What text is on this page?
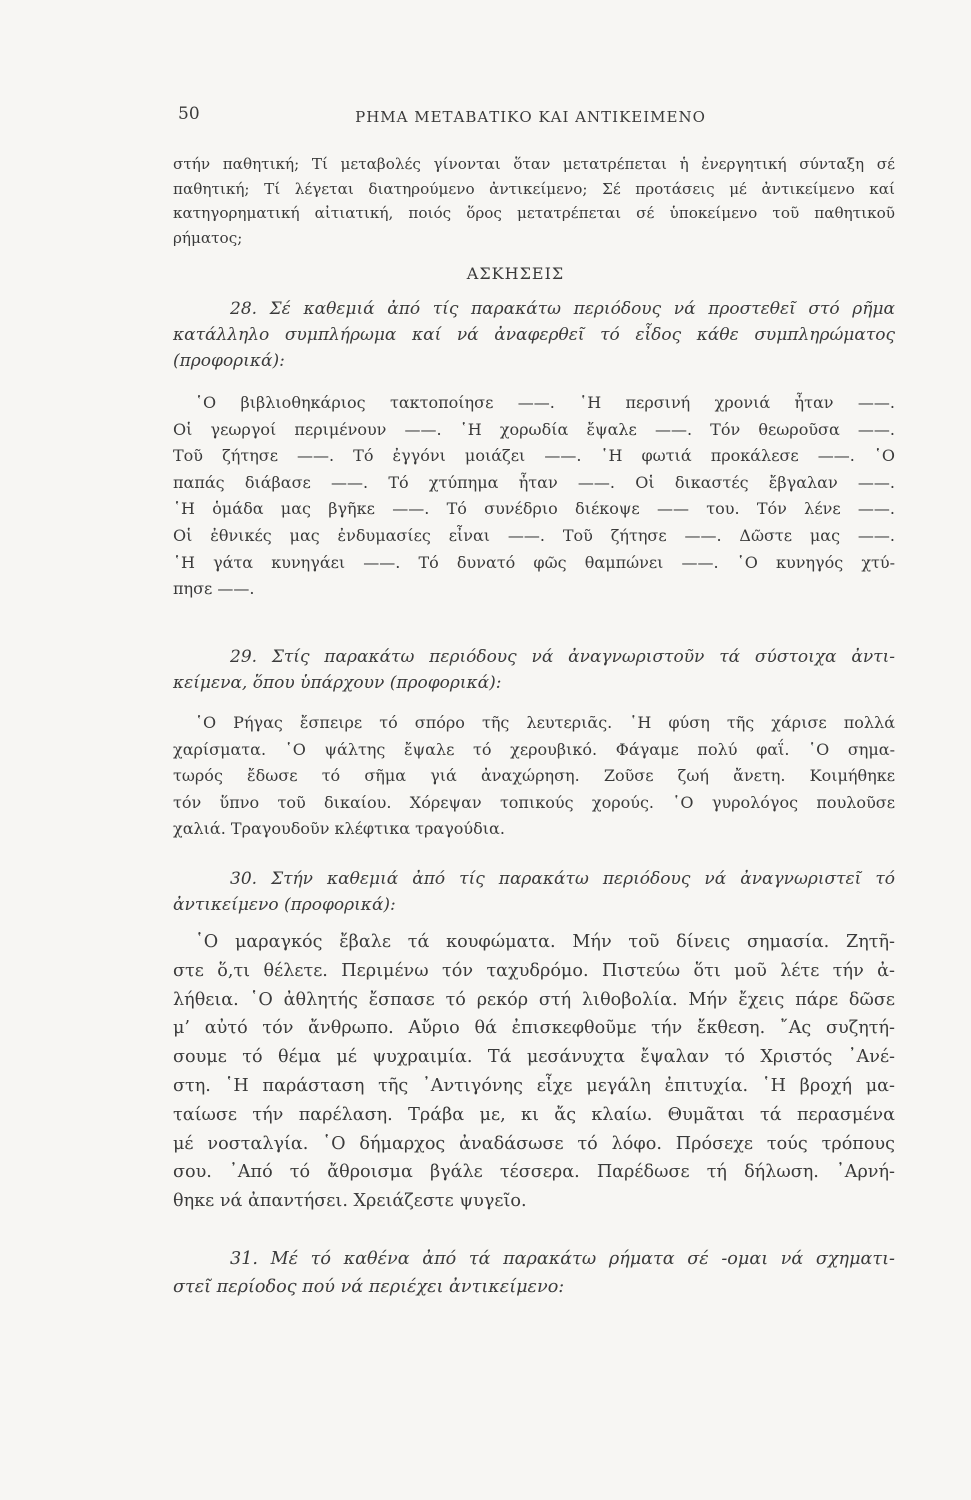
50	ΡΗΜΑ ΜΕΤΑΒΑΤΙΚΟ ΚΑΙ ΑΝΤΙΚΕΙΜΕΝΟ
στήν παθητική; Τί μεταβολές γίνονται ὅταν μετατρέπεται ἡ ἐνεργητική σύνταξη σέ
παθητική; Τί λέγεται διατηρούμενο ἀντικείμενο; Σέ προτάσεις μέ ἀντικείμενο καί
κατηγορηματική αἰτιατική, ποιός ὅρος μετατρέπεται σέ ὑποκείμενο τοῦ παθητικοῦ
ρήματος;
ΑΣΚΗΣΕΙΣ
28. Σέ καθεμιά ἀπό τίς παρακάτω περιόδους νά προστεθεῖ στό ρῆμα
κατάλληλο συμπλήρωμα καί νά ἀναφερθεῖ τό εἶδος κάθε συμπληρώματος
(προφορικά):
῾Ο βιβλιοθηκάριος τακτοποίησε ——. ῾Η περσινή χρονιά ἦταν ——.
Οἱ γεωργοί περιμένουν ——. ῾Η χορωδία ἔψαλε ——. Τόν θεωροῦσα ——.
Τοῦ ζήτησε ——. Τό ἐγγόνι μοιάζει ——. ῾Η φωτιά προκάλεσε ——. ῾Ο
παπάς διάβασε ——. Τό χτύπημα ἦταν ——. Οἱ δικαστές ἔβγαλαν ——.
῾Η ὁμάδα μας βγῆκε ——. Τό συνέδριο διέκοψε —— του. Τόν λένε ——.
Οἱ ἐθνικές μας ἐνδυμασίες εἶναι ——. Τοῦ ζήτησε ——. Δῶστε μας ——.
῾Η γάτα κυνηγάει ——. Τό δυνατό φῶς θαμπώνει ——. ῾Ο κυνηγός χτύ-
πησε ——.
29. Στίς παρακάτω περιόδους νά ἀναγνωριστοῦν τά σύστοιχα ἀντι-
κείμενα, ὅπου ὑπάρχουν (προφορικά):
῾Ο Ρήγας ἔσπειρε τό σπόρο τῆς λευτεριᾶς. ῾Η φύση τῆς χάρισε πολλά
χαρίσματα. ῾Ο ψάλτης ἔψαλε τό χερουβικό. Φάγαμε πολύ φαΐ. ῾Ο σημα-
τωρός ἔδωσε τό σῆμα γιά ἀναχώρηση. Ζοῦσε ζωή ἄνετη. Κοιμήθηκε
τόν ὕπνο τοῦ δικαίου. Χόρεψαν τοπικούς χορούς. ῾Ο γυρολόγος πουλοῦσε
χαλιά. Τραγουδοῦν κλέφτικα τραγούδια.
30. Στήν καθεμιά ἀπό τίς παρακάτω περιόδους νά ἀναγνωριστεῖ τό
ἀντικείμενο (προφορικά):
῾Ο μαραγκός ἔβαλε τά κουφώματα. Μήν τοῦ δίνεις σημασία. Ζητῆ-
στε ὅ,τι θέλετε. Περιμένω τόν ταχυδρόμο. Πιστεύω ὅτι μοῦ λέτε τήν ἀ-
λήθεια. ῾Ο ἀθλητής ἔσπασε τό ρεκόρ στή λιθοβολία. Μήν ἔχεις πάρε δῶσε
μ’ αὐτό τόν ἄνθρωπο. Αὔριο θά ἐπισκεφθοῦμε τήν ἔκθεση. ῎Ας συζητή-
σουμε τό θέμα μέ ψυχραιμία. Τά μεσάνυχτα ἔψαλαν τό Χριστός ᾿Ανέ-
στη. ῾Η παράσταση τῆς ᾿Αντιγόνης εἶχε μεγάλη ἐπιτυχία. ῾Η βροχή μα-
ταίωσε τήν παρέλαση. Τράβα με, κι ἄς κλαίω. Θυμᾶται τά περασμένα
μέ νοσταλγία. ῾Ο δήμαρχος ἀναδάσωσε τό λόφο. Πρόσεχε τούς τρόπους
σου. ᾿Από τό ἄθροισμα βγάλε τέσσερα. Παρέδωσε τή δήλωση. ᾿Αρνή-
θηκε νά ἀπαντήσει. Χρειάζεστε ψυγεῖο.
31. Μέ τό καθένα ἀπό τά παρακάτω ρήματα σέ -ομαι νά σχηματι-
στεῖ περίοδος πού νά περιέχει ἀντικείμενο:
